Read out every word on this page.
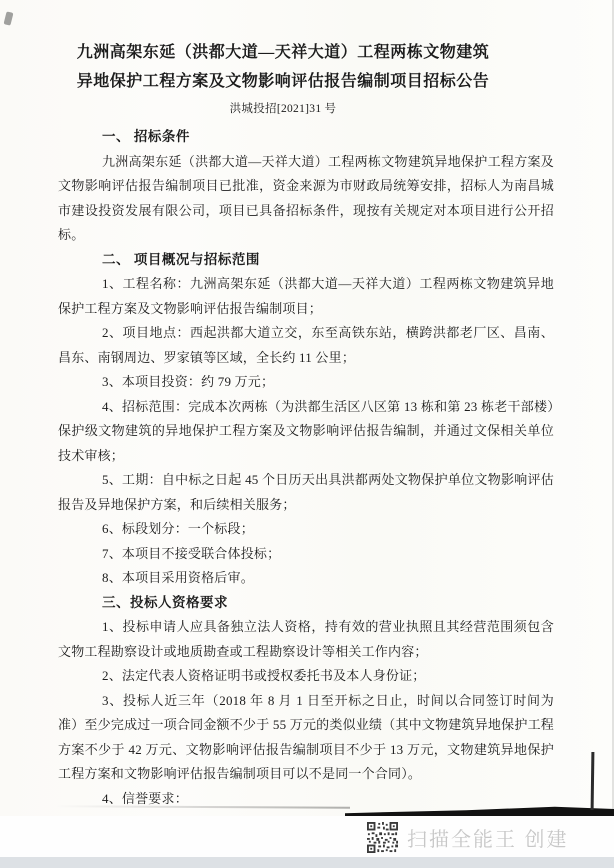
九洲高架东延（洪都大道—天祥大道）工程两栋文物建筑
异地保护工程方案及文物影响评估报告编制项目招标公告
洪城投招[2021]31 号
一、 招标条件

九洲高架东延（洪都大道—天祥大道）工程两栋文物建筑异地保护工程方案及文物影响评估报告编制项目已批准，资金来源为市财政局统筹安排，招标人为南昌城市建设投资发展有限公司，项目已具备招标条件，现按有关规定对本项目进行公开招标。

二、 项目概况与招标范围

1、工程名称：九洲高架东延（洪都大道—天祥大道）工程两栋文物建筑异地保护工程方案及文物影响评估报告编制项目；

2、项目地点：西起洪都大道立交，东至高铁东站，横跨洪都老厂区、昌南、昌东、南钢周边、罗家镇等区域，全长约 11 公里；

3、本项目投资：约 79 万元；

4、招标范围：完成本次两栋（为洪都生活区八区第 13 栋和第 23 栋老干部楼）保护级文物建筑的异地保护工程方案及文物影响评估报告编制，并通过文保相关单位技术审核；

5、工期：自中标之日起 45 个日历天出具洪都两处文物保护单位文物影响评估报告及异地保护方案，和后续相关服务；

6、标段划分：一个标段；

7、本项目不接受联合体投标；

8、本项目采用资格后审。

三、投标人资格要求

1、投标申请人应具备独立法人资格，持有效的营业执照且其经营范围须包含文物工程勘察设计或地质勘查或工程勘察设计等相关工作内容；

2、法定代表人资格证明书或授权委托书及本人身份证；

3、投标人近三年（2018 年 8 月 1 日至开标之日止，时间以合同签订时间为准）至少完成过一项合同金额不少于 55 万元的类似业绩（其中文物建筑异地保护工程方案不少于 42 万元、文物影响评估报告编制项目不少于 13 万元，文物建筑异地保护工程方案和文物影响评估报告编制项目可以不是同一个合同）。

4、信誉要求：

扫描全能王 创建
